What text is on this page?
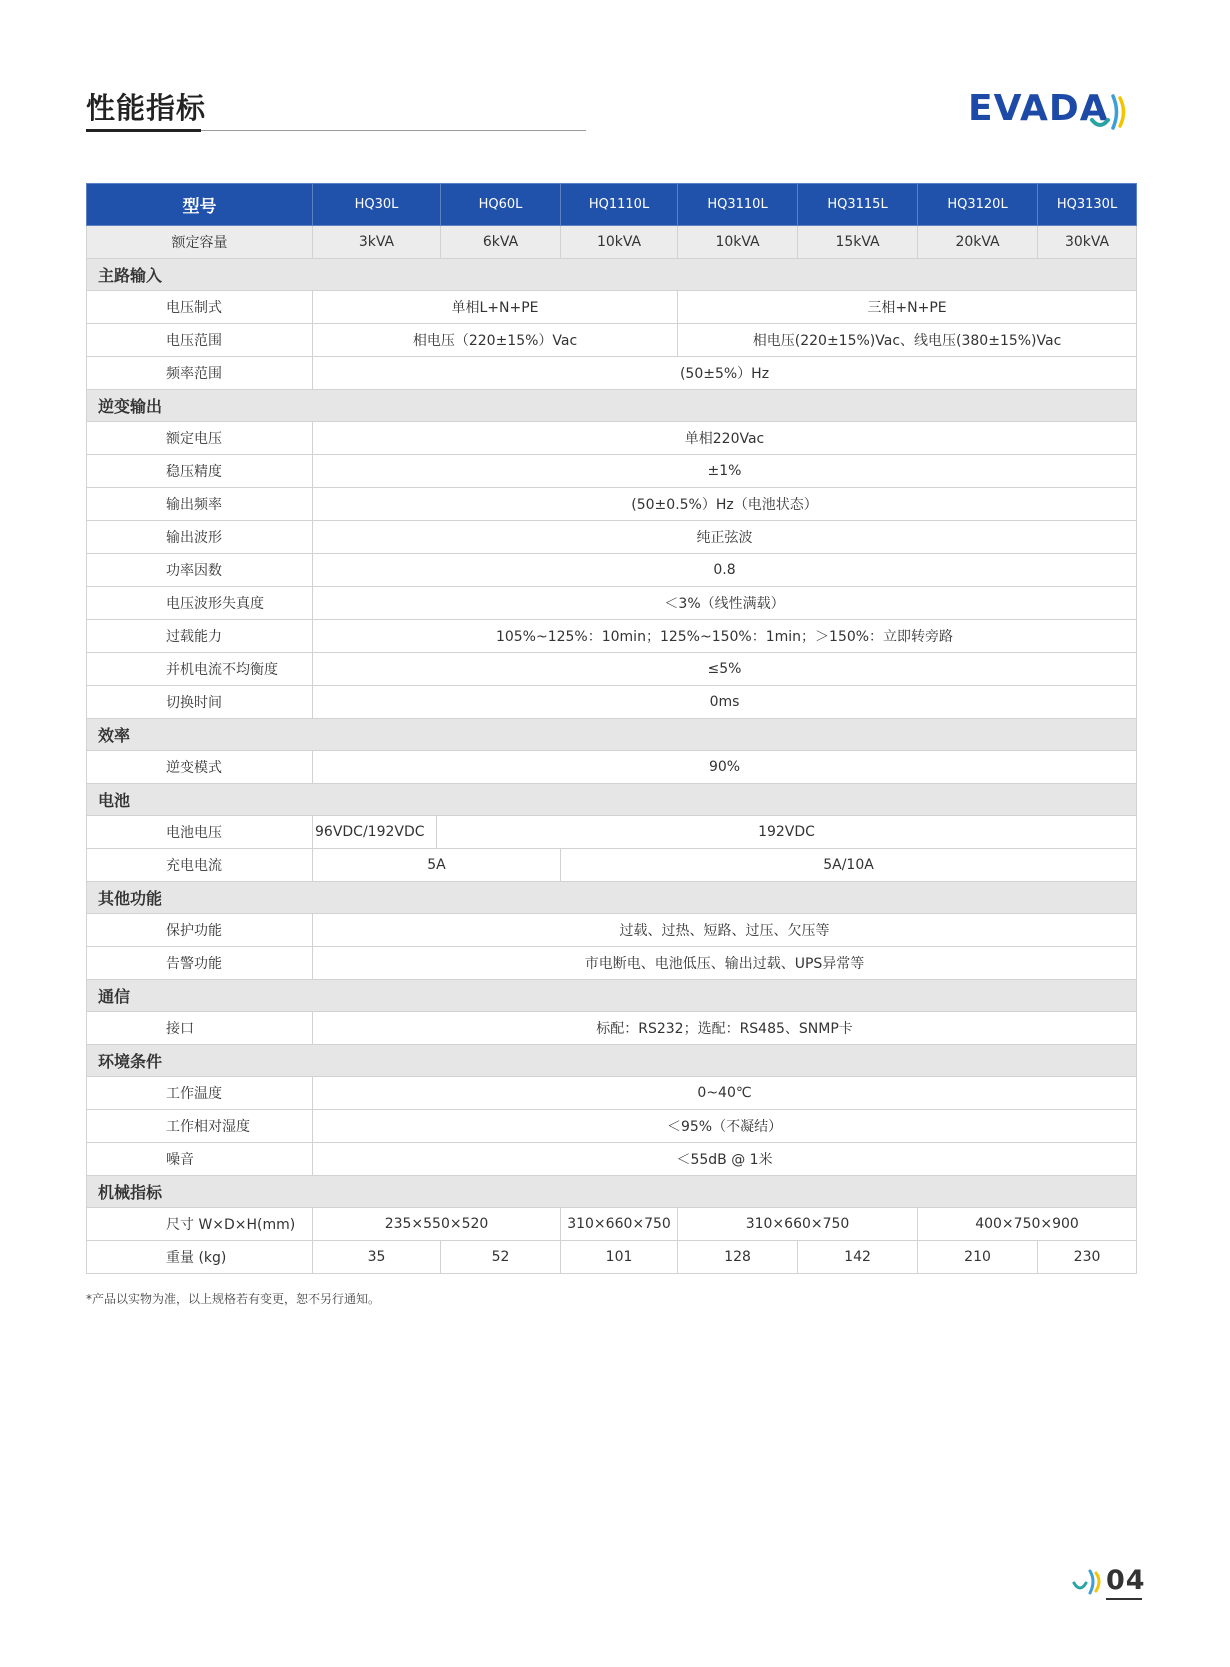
性能指标	EVADA
型号	HQ30L		HQ60L	HQ1110L	HQ3110L	HQ3115L	HQ3120L	HQ3130L
额定容量	3kVA		6kVA	10kVA	10kVA	15kVA	20kVA	30kVA
主路输入								
电压制式	单相L+N+PE				三相+N+PE			
电压范围	相电压（220±15%）Vac				相电压(220±15%)Vac、线电压(380±15%)Vac			
频率范围	(50±5%）Hz							
逆变输出								
额定电压	单相220Vac							
稳压精度	±1%							
输出频率	(50±0.5%）Hz（电池状态）							
输出波形	纯正弦波							
功率因数	0.8							
电压波形失真度	＜3%（线性满载）							
过载能力	105%~125%：10min；125%~150%：1min；＞150%：立即转旁路							
并机电流不均衡度	≤5%							
切换时间	0ms							
效率								
逆变模式	90%							
电池								
电池电压	96VDC/192VDC	192VDC						
充电电流	5A			5A/10A				
其他功能								
保护功能	过载、过热、短路、过压、欠压等							
告警功能	市电断电、电池低压、输出过载、UPS异常等							
通信								
接口	标配：RS232；选配：RS485、SNMP卡							
环境条件								
工作温度	0~40℃							
工作相对湿度	＜95%（不凝结）							
噪音	＜55dB @ 1米							
机械指标								
尺寸 W×D×H(mm)	235×550×520			310×660×750	310×660×750		400×750×900	
重量 (kg)	35		52	101	128	142	210	230
*产品以实物为准，以上规格若有变更，恕不另行通知。
04
